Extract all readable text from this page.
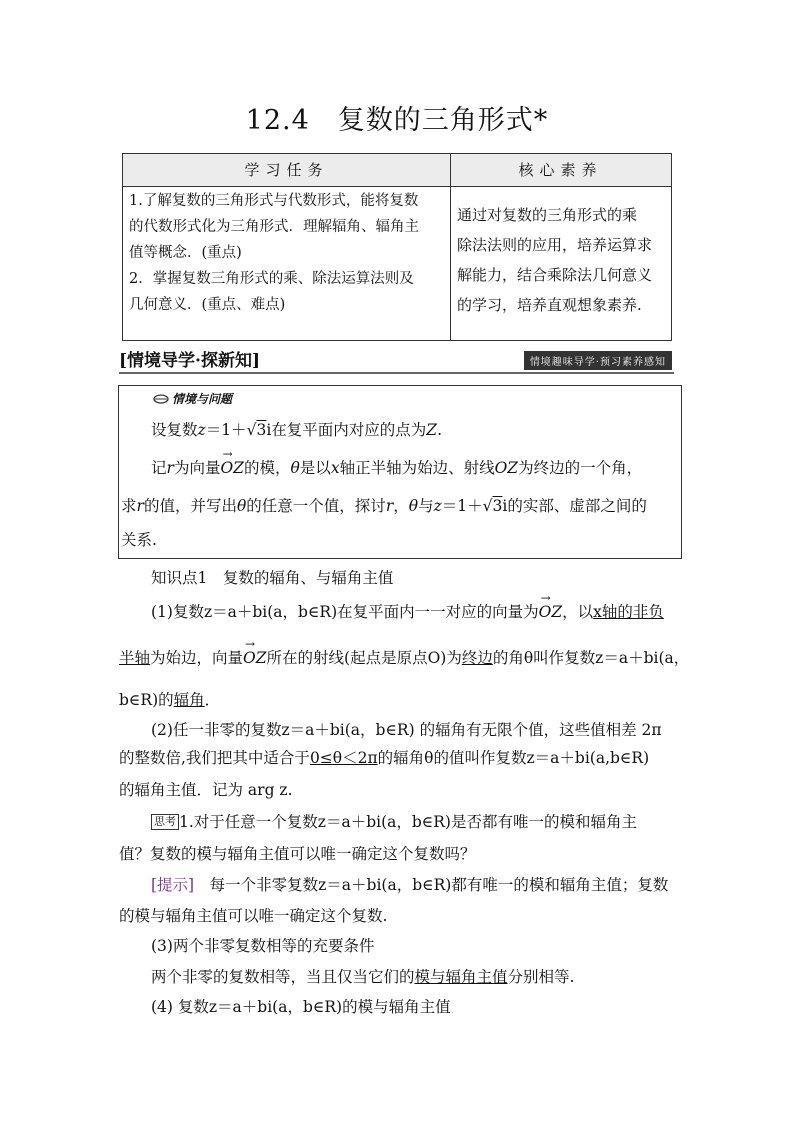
12.4　复数的三角形式*
学习任务	核心素养
1.了解复数的三角形式与代数形式，能将复数
的代数形式化为三角形式．理解辐角、辐角主
值等概念．(重点)
2．掌握复数三角形式的乘、除法运算法则及
几何意义．(重点、难点)
通过对复数的三角形式的乘
除法法则的应用，培养运算求
解能力，结合乘除法几何意义
的学习，培养直观想象素养.
[情境导学·探新知]	情境趣味导学·预习素养感知
情境与问题

设复数z＝1＋√3i在复平面内对应的点为Z.

记r为向量→ OZ的模，θ是以x轴正半轴为始边、射线OZ为终边的一个角，

求r的值，并写出θ的任意一个值，探讨r，θ与z＝1＋√3i的实部、虚部之间的

关系.

知识点1　复数的辐角、与辐角主值

(1)复数z＝a＋bi(a，b∈R)在复平面内一一对应的向量为→ OZ，以x轴的非负

半轴为始边，向量→ OZ所在的射线(起点是原点O)为终边的角θ叫作复数z＝a＋bi(a，

b∈R)的辐角．

(2)任一非零的复数z＝a＋bi(a，b∈R) 的辐角有无限个值，这些值相差 2π

的整数倍,我们把其中适合于0≤θ＜2π的辐角θ的值叫作复数z＝a＋bi(a,b∈R)

的辐角主值．记为 arg z.

思考 1.对于任意一个复数z＝a＋bi(a，b∈R)是否都有唯一的模和辐角主

值？复数的模与辐角主值可以唯一确定这个复数吗？

[提示]　 每一个非零复数z＝a＋bi(a，b∈R)都有唯一的模和辐角主值；复数

的模与辐角主值可以唯一确定这个复数.

(3)两个非零复数相等的充要条件

两个非零的复数相等，当且仅当它们的模与辐角主值分别相等.

(4) 复数z＝a＋bi(a，b∈R)的模与辐角主值
